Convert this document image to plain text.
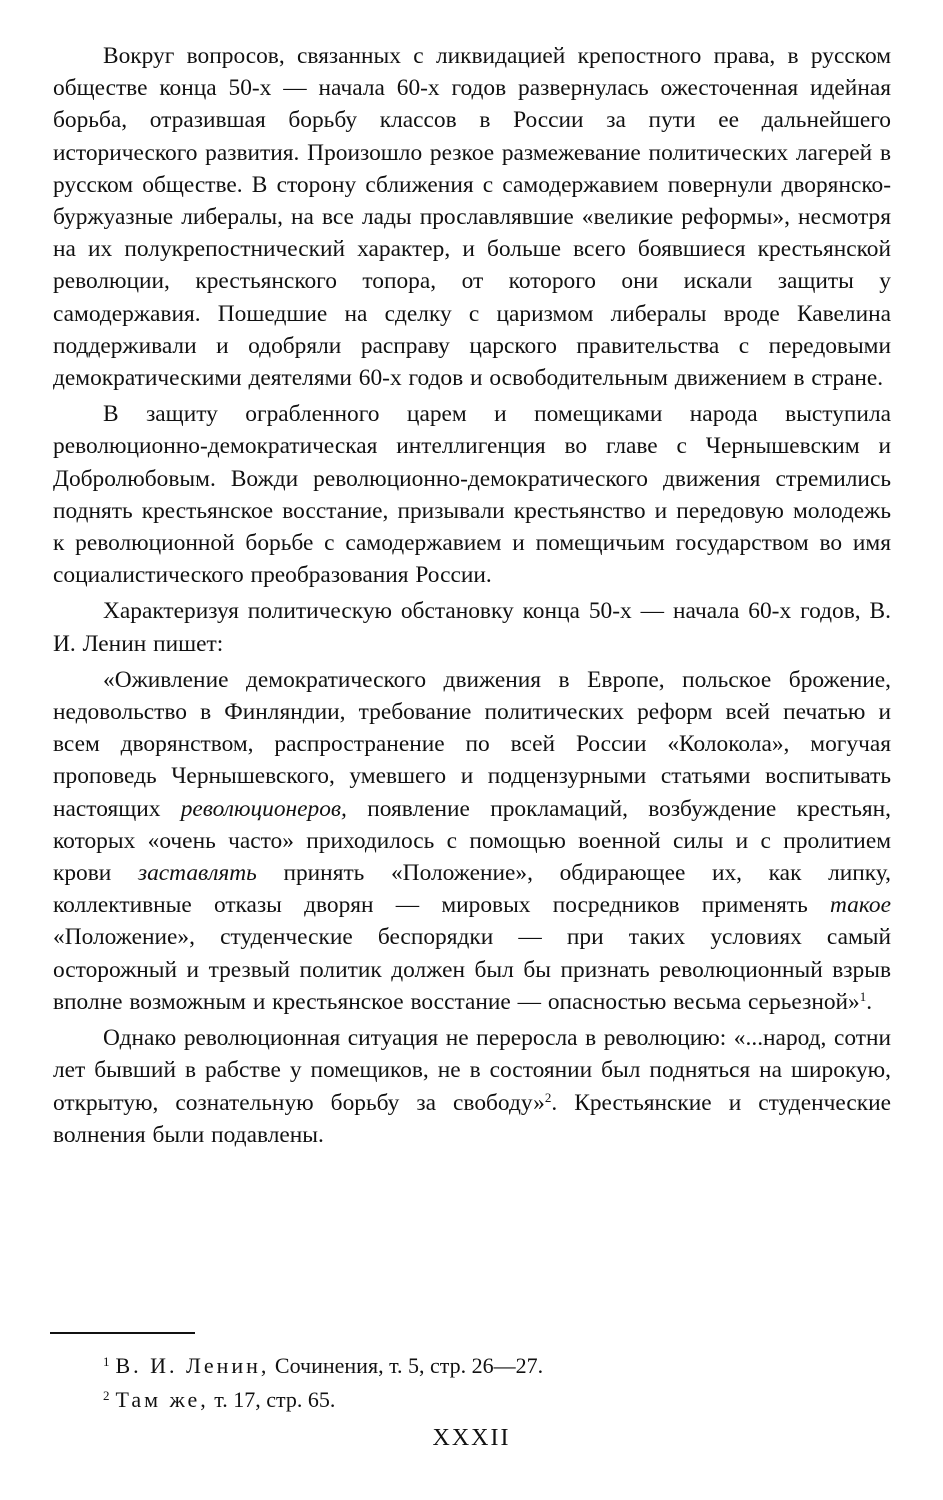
Вокруг вопросов, связанных с ликвидацией крепостного права, в русском обществе конца 50-х — начала 60-х годов развернулась ожесточенная идейная борьба, отразившая борьбу классов в России за пути ее дальнейшего исторического развития. Произошло резкое размежевание политических лагерей в русском обществе. В сторону сближения с самодержавием повернули дворянско-буржуазные либералы, на все лады прославлявшие «великие реформы», несмотря на их полукрепостнический характер, и больше всего боявшиеся крестьянской революции, крестьянского топора, от которого они искали защиты у самодержавия. Пошедшие на сделку с царизмом либералы вроде Кавелина поддерживали и одобряли расправу царского правительства с передовыми демократическими деятелями 60-х годов и освободительным движением в стране.

В защиту ограбленного царем и помещиками народа выступила революционно-демократическая интеллигенция во главе с Чернышевским и Добролюбовым. Вожди революционно-демократического движения стремились поднять крестьянское восстание, призывали крестьянство и передовую молодежь к революционной борьбе с самодержавием и помещичьим государством во имя социалистического преобразования России.

Характеризуя политическую обстановку конца 50-х — начала 60-х годов, В. И. Ленин пишет:

«Оживление демократического движения в Европе, польское брожение, недовольство в Финляндии, требование политических реформ всей печатью и всем дворянством, распространение по всей России «Колокола», могучая проповедь Чернышевского, умевшего и подцензурными статьями воспитывать настоящих революционеров, появление прокламаций, возбуждение крестьян, которых «очень часто» приходилось с помощью военной силы и с пролитием крови заставлять принять «Положение», обдирающее их, как липку, коллективные отказы дворян — мировых посредников применять такое «Положение», студенческие беспорядки — при таких условиях самый осторожный и трезвый политик должен был бы признать революционный взрыв вполне возможным и крестьянское восстание — опасностью весьма серьезной»$^1$.

Однако революционная ситуация не переросла в революцию: «...народ, сотни лет бывший в рабстве у помещиков, не в состоянии был подняться на широкую, открытую, сознательную борьбу за свободу»$^2$. Крестьянские и студенческие волнения были подавлены.

$^1$ В. И. Ленин, Сочинения, т. 5, стр. 26—27.

$^2$ Там же, т. 17, стр. 65.

XXXII
